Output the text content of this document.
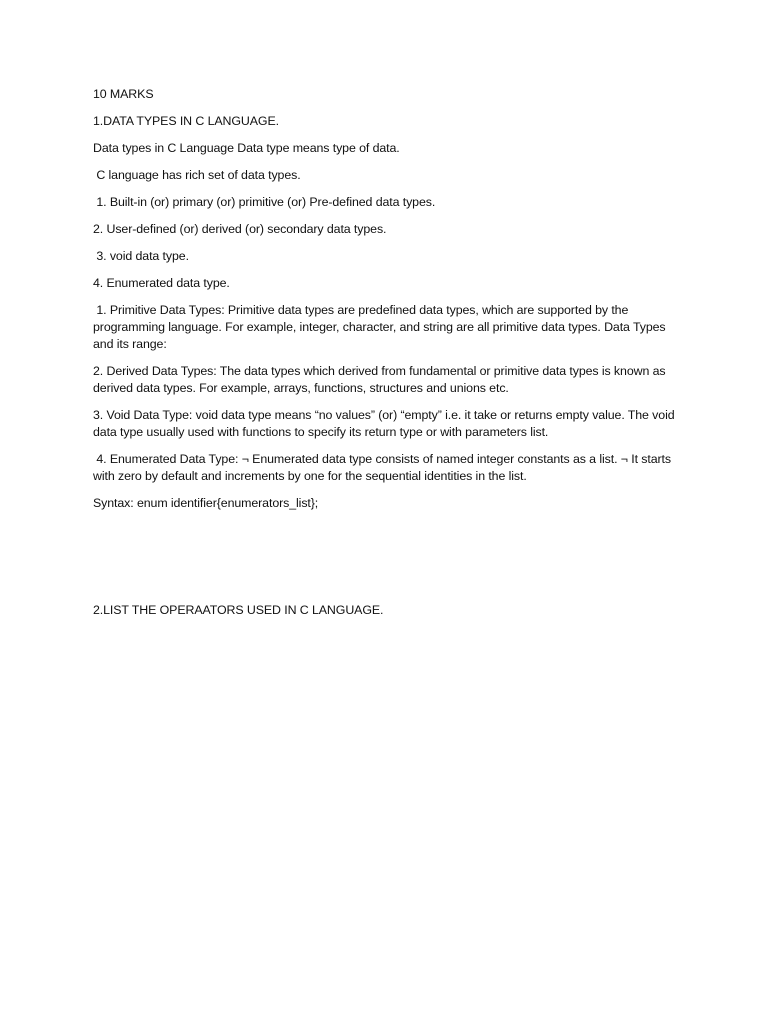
10 MARKS

1.DATA TYPES IN C LANGUAGE.

Data types in C Language Data type means type of data.

C language has rich set of data types.

1. Built-in (or) primary (or) primitive (or) Pre-defined data types.

2. User-defined (or) derived (or) secondary data types.

3. void data type.

4. Enumerated data type.

1. Primitive Data Types: Primitive data types are predefined data types, which are supported by the programming language. For example, integer, character, and string are all primitive data types. Data Types and its range:

2. Derived Data Types: The data types which derived from fundamental or primitive data types is known as derived data types. For example, arrays, functions, structures and unions etc.

3. Void Data Type: void data type means “no values” (or) “empty” i.e. it take or returns empty value. The void data type usually used with functions to specify its return type or with parameters list.

4. Enumerated Data Type: ¬ Enumerated data type consists of named integer constants as a list. ¬ It starts with zero by default and increments by one for the sequential identities in the list.

Syntax: enum identifier{enumerators_list};

2.LIST THE OPERAATORS USED IN C LANGUAGE.
